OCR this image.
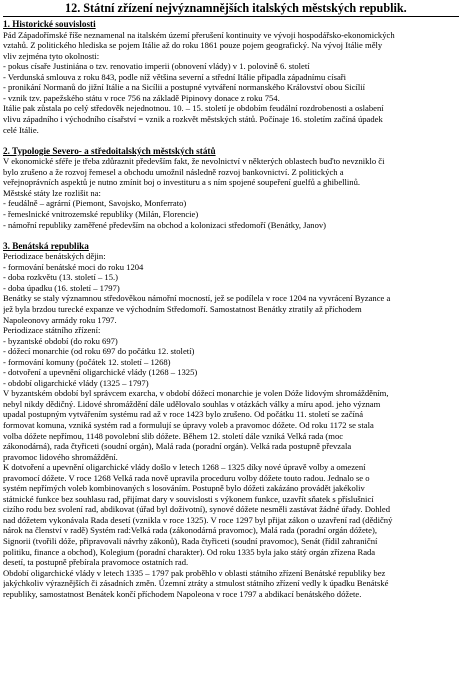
12. Státní zřízení nejvýznamnějších italských městských republik.
1. Historické souvislosti
Pád Západořímské říše neznamenal na italském území přerušení kontinuity ve vývoji hospodářsko-ekonomických
vztahů. Z politického hlediska se pojem Itálie až do roku 1861 pouze pojem geografický. Na vývoj Itálie měly
vliv zejména tyto okolnosti:
- pokus císaře Justiniána o tzv. renovatio imperii (obnovení vlády) v 1. polovině 6. století
- Verdunská smlouva z roku 843, podle níž většina severní a střední Itálie připadla západnímu císaři
- pronikání Normanů do jižní Itálie a na Sicílii a postupné vytváření normanského Království obou Sicílií
- vznik tzv. papežského státu v roce 756 na základě Pipinovy donace z roku 754.
Itálie pak zůstala po celý středověk nejednotnou. 10. – 15. století je obdobím feudální rozdrobenosti a oslabení
vlivu západního i východního císařství = vznik a rozkvět městských států. Počínaje 16. stoletím začíná úpadek
celé Itálie.
2. Typologie Severo- a středoitalských městských států
V ekonomické sféře je třeba zdůraznit především fakt, že nevolnictví v některých oblastech buďto nevzniklo či
bylo zrušeno a že rozvoj řemesel a obchodu umožnil následně rozvoj bankovnictví. Z politických a
veřejnoprávních aspektů je nutno zmínit boj o investituru a s ním spojené soupeření guelfů a ghibellinů.
Městské státy lze rozlišit na:
- feudálně – agrární (Piemont, Savojsko, Monferrato)
- řemeslnické vnitrozemské republiky (Milán, Florencie)
- námořní republiky zaměřené především na obchod a kolonizaci středomoří (Benátky, Janov)
3. Benátská republika
Periodizace benátských dějin:
- formování benátské moci do roku 1204
- doba rozkvětu (13. století – 15.)
- doba úpadku (16. století – 1797)
Benátky se staly významnou středověkou námořní mocností, jež se podílela v roce 1204 na vyvrácení Byzance a
jež byla brzdou turecké expanze ve východním Středomoří. Samostatnost Benátky ztratily až příchodem
Napoleonovy armády roku 1797.
Periodizace státního zřízení:
- byzantské období (do roku 697)
- dóžecí monarchie (od roku 697 do počátku 12. století)
- formování komuny (počátek 12. století – 1268)
- dotvoření a upevnění oligarchické vlády (1268 – 1325)
- období oligarchické vlády (1325 – 1797)
V byzantském období byl správcem exarcha, v období dóžecí monarchie je volen Dóže lidovým shromážděním,
nebyl nikdy dědičný. Lidové shromáždění dále udělovalo souhlas v otázkách války a míru apod. jeho význam
upadal postupným vytvářením systému rad až v roce 1423 bylo zrušeno. Od počátku 11. století se začíná
formovat komuna, vzniká systém rad a formulují se úpravy voleb a pravomoc dóžete. Od roku 1172 se stala
volba dóžete nepřímou, 1148 povolební slib dóžete. Během 12. století dále vzniká Velká rada (moc
zákonodárná), rada čtyřiceti (soudní orgán), Malá rada (poradní orgán). Velká rada postupně převzala
pravomoc lidového shromáždění.
K dotvoření a upevnění oligarchické vlády došlo v letech 1268 – 1325 díky nové úpravě volby a omezení
pravomocí dóžete. V roce 1268 Velká rada nově upravila proceduru volby dóžete touto radou. Jednalo se o
systém nepřímých voleb kombinovaných s losováním. Postupně bylo dóžeti zakázáno provádět jakékoliv
státnické funkce bez souhlasu rad, přijímat dary v souvislosti s výkonem funkce, uzavřít sňatek s příslušnicí
cizího rodu bez svolení rad, abdikovat (úřad byl doživotní), synové dóžete nesměli zastávat žádné úřady. Dohled
nad dóžetem vykonávala Rada desetí (vznikla v roce 1325). V roce 1297 byl přijat zákon o uzavření rad (dědičný
nárok na členství v radě) Systém rad:Velká rada (zákonodárná pravomoc), Malá rada (poradní orgán dóžete),
Signorii (tvořili dóže, připravovali návrhy zákonů), Rada čtyřiceti (soudní pravomoc), Senát (řídil zahraniční
politiku, finance a obchod), Kolegium (poradní charakter). Od roku 1335 byla jako státý orgán zřízena Rada
desetí, ta postupně přebírala pravomoce ostatních rad.
Období oligarchické vlády v letech 1335 – 1797 pak proběhlo v oblasti státního zřízení Benátské republiky bez
jakýchkoliv výraznějších či zásadních změn. Územní ztráty a stmulost státního zřízení vedly k úpadku Benátské
republiky, samostatnost Benátek končí příchodem Napoleona v roce 1797 a abdikací benátského dóžete.
